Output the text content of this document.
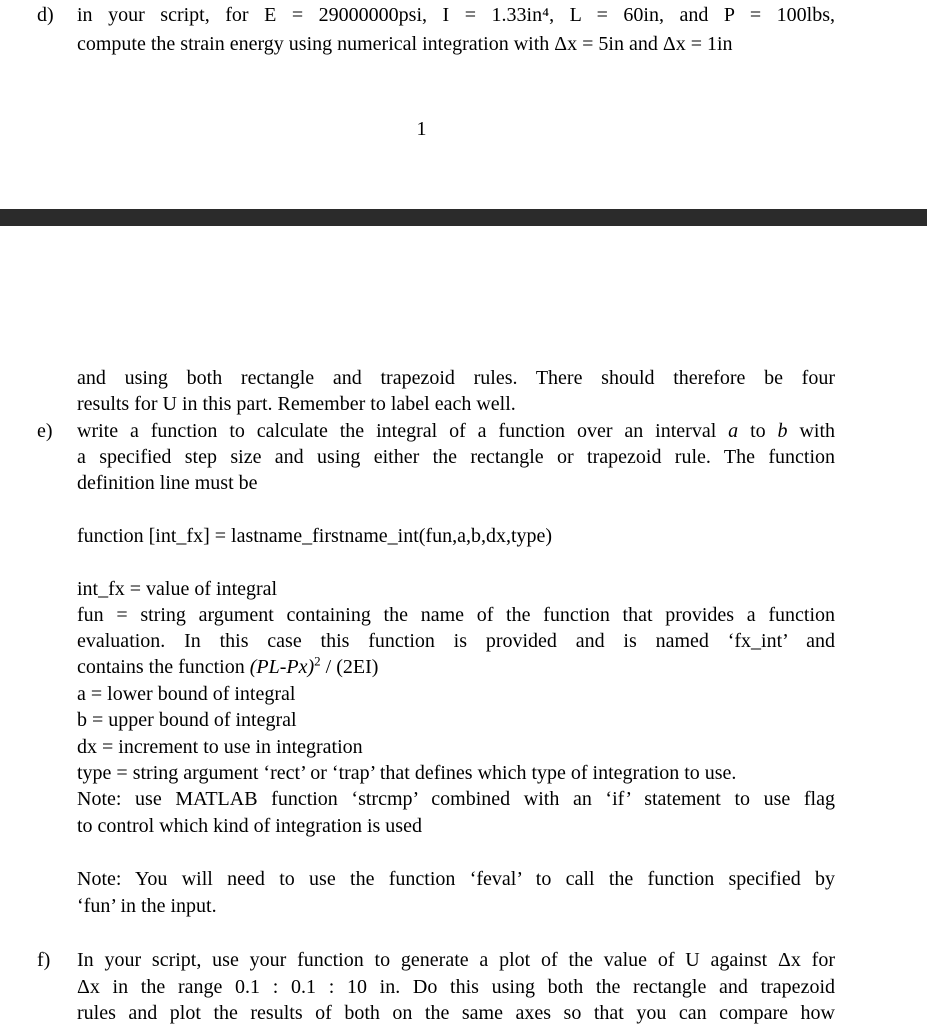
d) in your script, for E = 29000000psi, I = 1.33in⁴, L = 60in, and P = 100lbs,
compute the strain energy using numerical integration with Δx = 5in and Δx = 1in
1
and using both rectangle and trapezoid rules. There should therefore be four
results for U in this part. Remember to label each well.
e) write a function to calculate the integral of a function over an interval a to b with
a specified step size and using either the rectangle or trapezoid rule. The function
definition line must be
function [int_fx] = lastname_firstname_int(fun,a,b,dx,type)
int_fx = value of integral
fun = string argument containing the name of the function that provides a function
evaluation. In this case this function is provided and is named ‘fx_int’ and
contains the function $(PL-Px)^2 / (2EI)$
a = lower bound of integral
b = upper bound of integral
dx = increment to use in integration
type = string argument ‘rect’ or ‘trap’ that defines which type of integration to use.
Note: use MATLAB function ‘strcmp’ combined with an ‘if’ statement to use flag
to control which kind of integration is used
Note: You will need to use the function ‘feval’ to call the function specified by
‘fun’ in the input.
f) In your script, use your function to generate a plot of the value of U against Δx for
Δx in the range 0.1 : 0.1 : 10 in. Do this using both the rectangle and trapezoid
rules and plot the results of both on the same axes so that you can compare how
